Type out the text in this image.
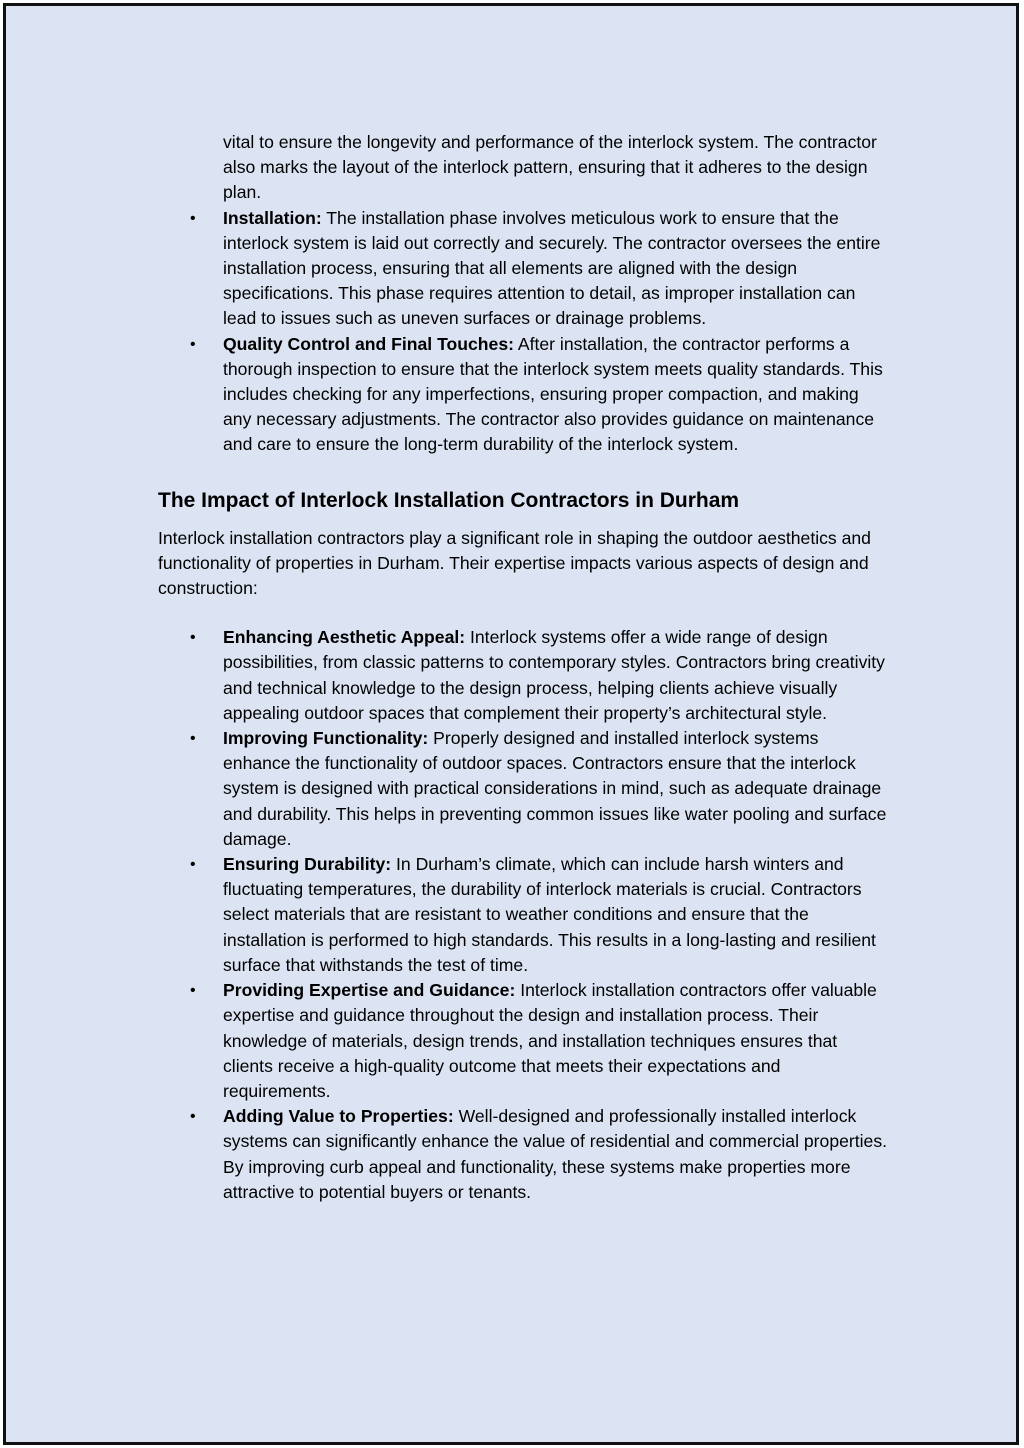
vital to ensure the longevity and performance of the interlock system. The contractor also marks the layout of the interlock pattern, ensuring that it adheres to the design plan.
• Installation: The installation phase involves meticulous work to ensure that the interlock system is laid out correctly and securely. The contractor oversees the entire installation process, ensuring that all elements are aligned with the design specifications. This phase requires attention to detail, as improper installation can lead to issues such as uneven surfaces or drainage problems.
• Quality Control and Final Touches: After installation, the contractor performs a thorough inspection to ensure that the interlock system meets quality standards. This includes checking for any imperfections, ensuring proper compaction, and making any necessary adjustments. The contractor also provides guidance on maintenance and care to ensure the long-term durability of the interlock system.
The Impact of Interlock Installation Contractors in Durham

Interlock installation contractors play a significant role in shaping the outdoor aesthetics and functionality of properties in Durham. Their expertise impacts various aspects of design and construction:

• Enhancing Aesthetic Appeal: Interlock systems offer a wide range of design possibilities, from classic patterns to contemporary styles. Contractors bring creativity and technical knowledge to the design process, helping clients achieve visually appealing outdoor spaces that complement their property’s architectural style.
• Improving Functionality: Properly designed and installed interlock systems enhance the functionality of outdoor spaces. Contractors ensure that the interlock system is designed with practical considerations in mind, such as adequate drainage and durability. This helps in preventing common issues like water pooling and surface damage.
• Ensuring Durability: In Durham’s climate, which can include harsh winters and fluctuating temperatures, the durability of interlock materials is crucial. Contractors select materials that are resistant to weather conditions and ensure that the installation is performed to high standards. This results in a long-lasting and resilient surface that withstands the test of time.
• Providing Expertise and Guidance: Interlock installation contractors offer valuable expertise and guidance throughout the design and installation process. Their knowledge of materials, design trends, and installation techniques ensures that clients receive a high-quality outcome that meets their expectations and requirements.
• Adding Value to Properties: Well-designed and professionally installed interlock systems can significantly enhance the value of residential and commercial properties. By improving curb appeal and functionality, these systems make properties more attractive to potential buyers or tenants.
